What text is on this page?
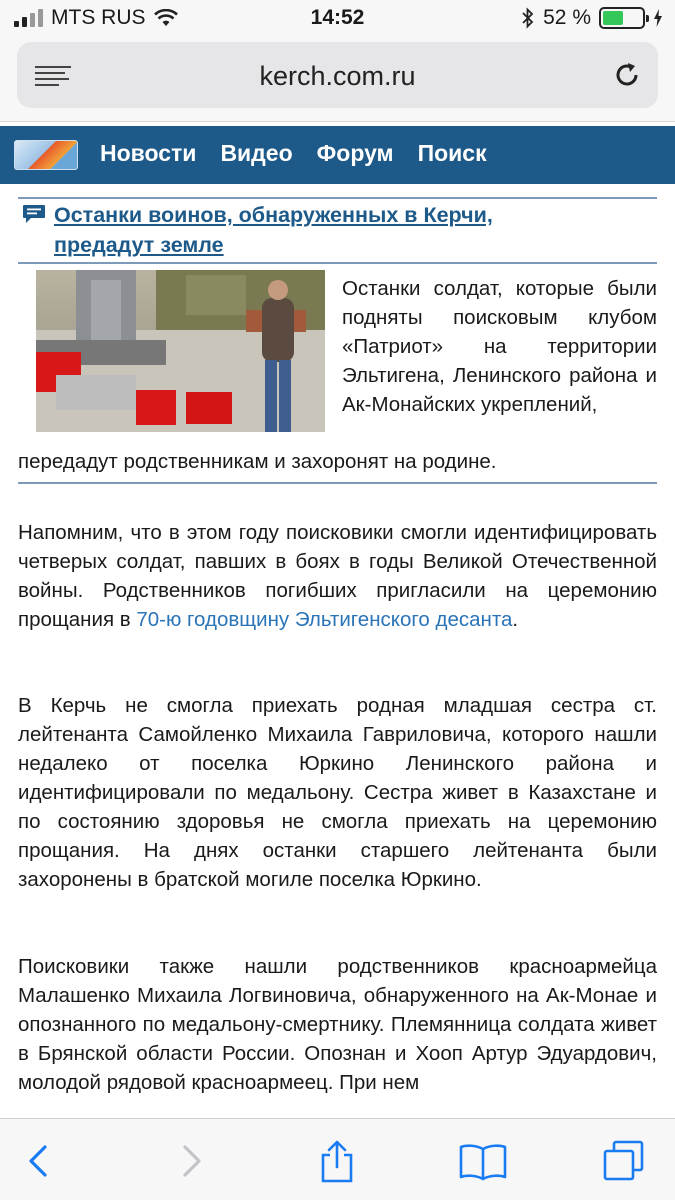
MTS RUS	14:52	52 %
kerch.com.ru
Новости Видео Форум Поиск
Останки воинов, обнаруженных в Керчи,
предадут земле
Останки солдат, которые были подняты поисковым клубом «Патриот» на территории Эльтигена, Ленинского района и Ак-Монайских укреплений,
передадут родственникам и захоронят на родине.
Напомним, что в этом году поисковики смогли идентифицировать четверых солдат, павших в боях в годы Великой Отечественной войны. Родственников погибших пригласили на церемонию прощания в 70-ю годовщину Эльтигенского десанта.
В Керчь не смогла приехать родная младшая сестра ст. лейтенанта Самойленко Михаила Гавриловича, которого нашли недалеко от поселка Юркино Ленинского района и идентифицировали по медальону. Сестра живет в Казахстане и по состоянию здоровья не смогла приехать на церемонию прощания. На днях останки старшего лейтенанта были захоронены в братской могиле поселка Юркино.
Поисковики также нашли родственников красноармейца Малашенко Михаила Логвиновича, обнаруженного на Ак-Монае и опознанного по медальону-смертнику. Племянница солдата живет в Брянской области России. Опознан и Хооп Артур Эдуардович, молодой рядовой красноармеец. При нем
